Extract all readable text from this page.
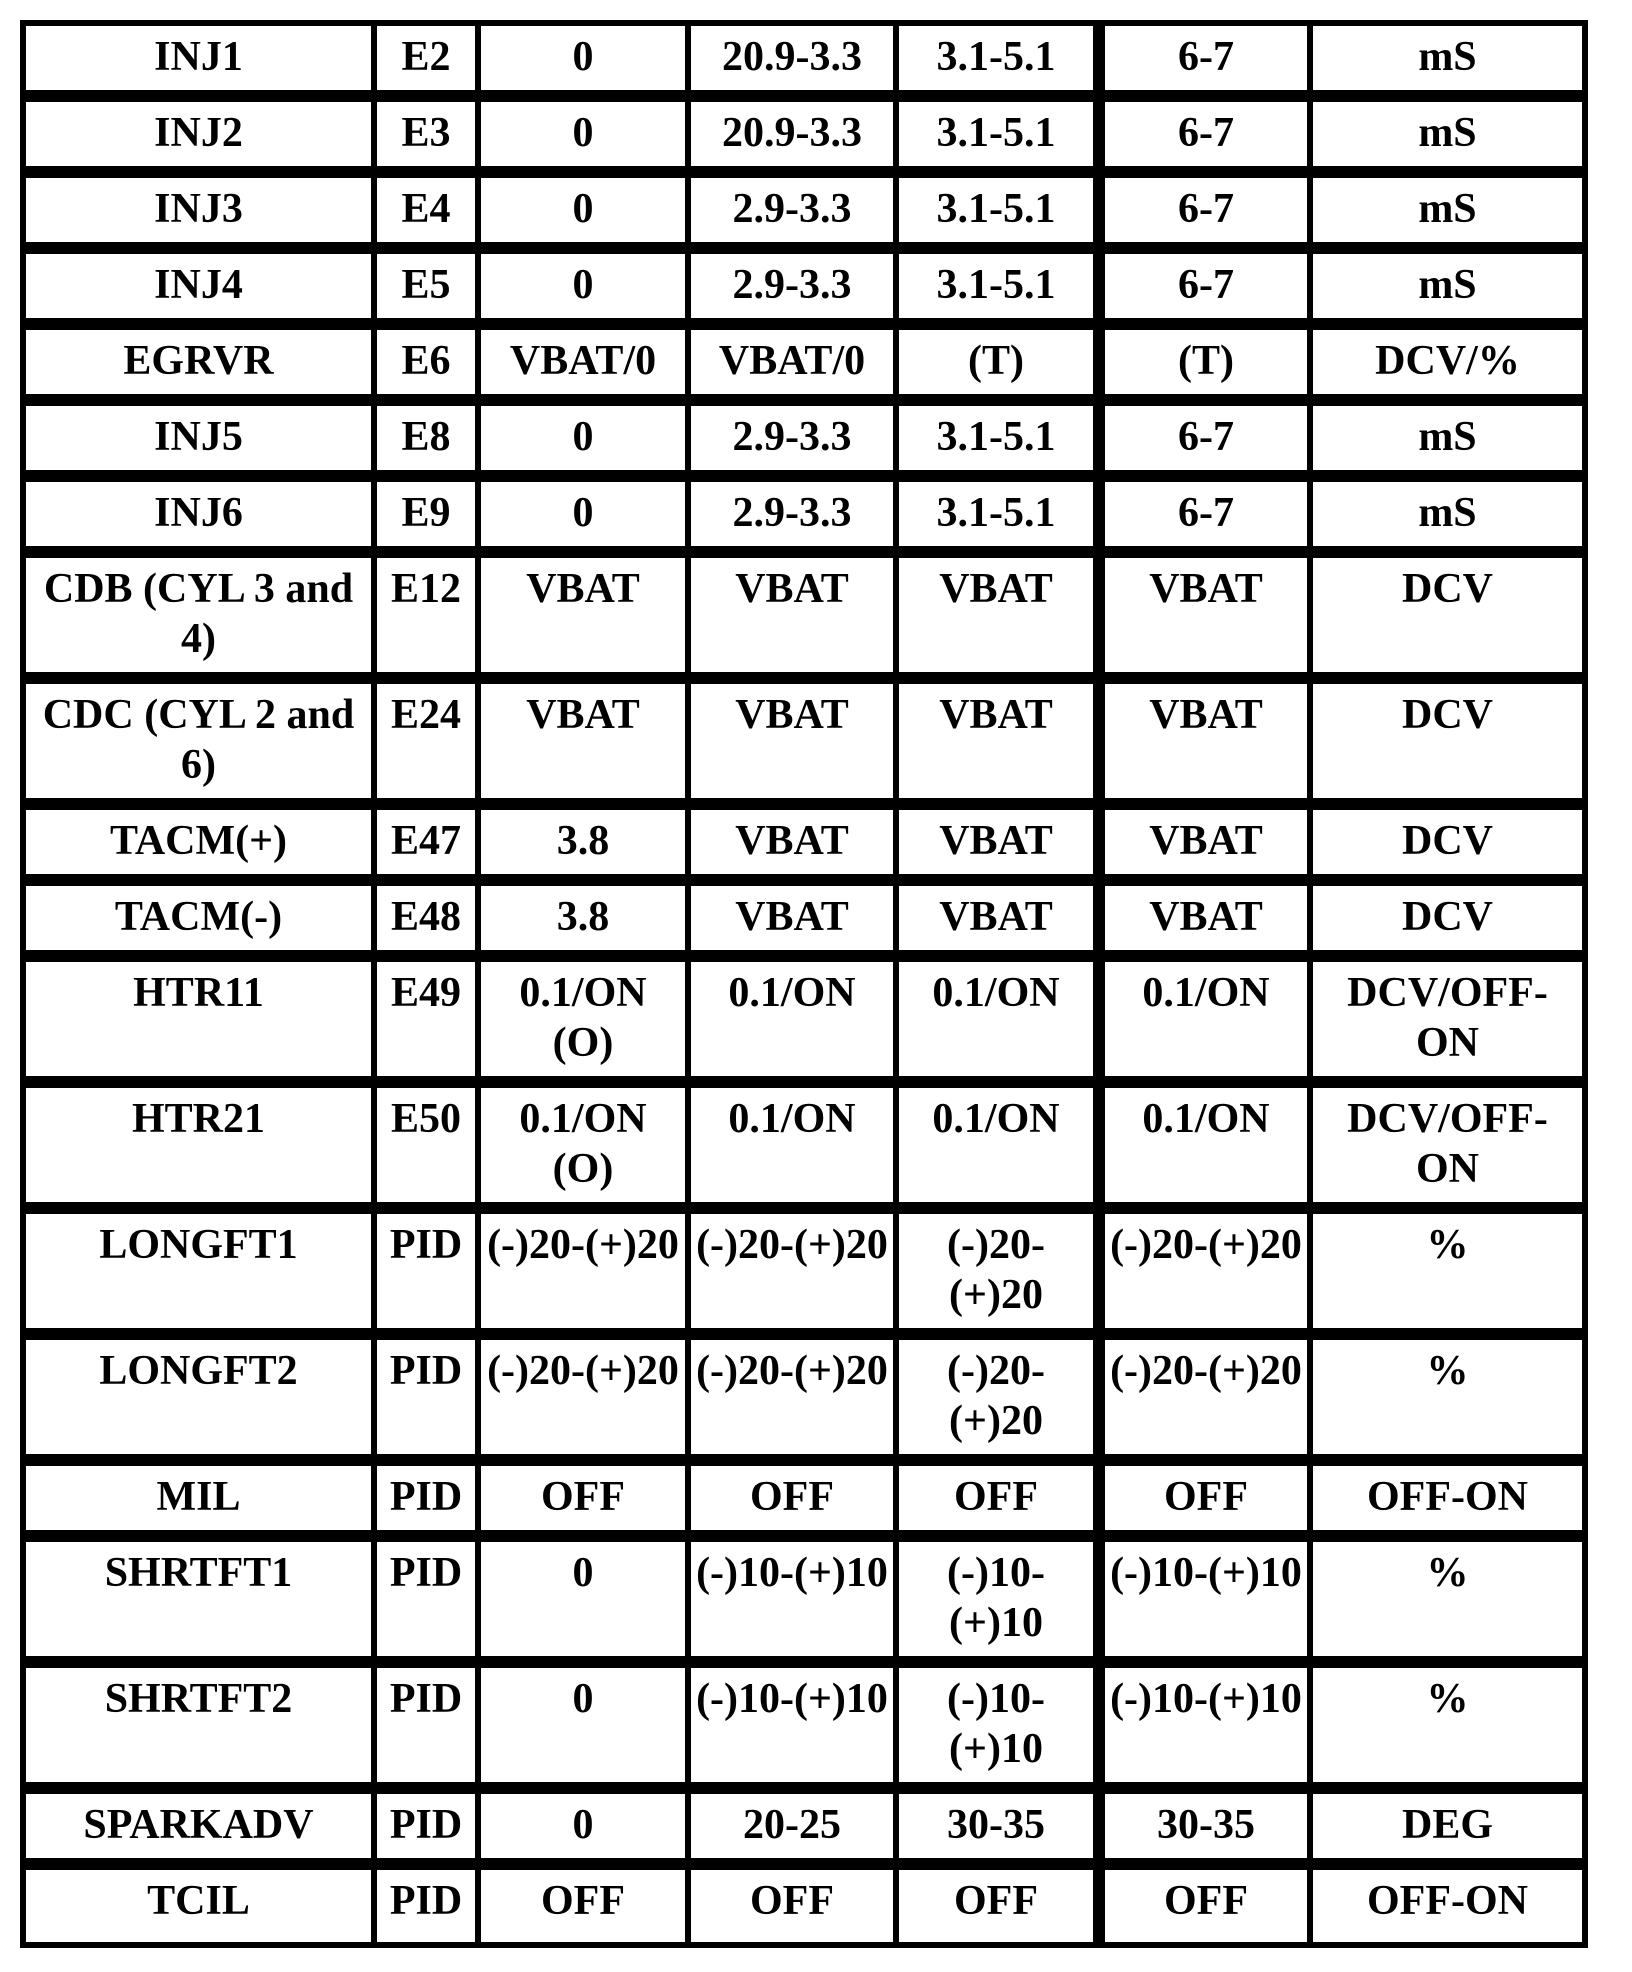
INJ1	E2	0	20.9-3.3	3.1-5.1	6-7	mS
INJ2	E3	0	20.9-3.3	3.1-5.1	6-7	mS
INJ3	E4	0	2.9-3.3	3.1-5.1	6-7	mS
INJ4	E5	0	2.9-3.3	3.1-5.1	6-7	mS
EGRVR	E6	VBAT/0	VBAT/0	(T)	(T)	DCV/%
INJ5	E8	0	2.9-3.3	3.1-5.1	6-7	mS
INJ6	E9	0	2.9-3.3	3.1-5.1	6-7	mS
CDB (CYL 3 and 4)	E12	VBAT	VBAT	VBAT	VBAT	DCV
CDC (CYL 2 and 6)	E24	VBAT	VBAT	VBAT	VBAT	DCV
TACM(+)	E47	3.8	VBAT	VBAT	VBAT	DCV
TACM(-)	E48	3.8	VBAT	VBAT	VBAT	DCV
HTR11	E49	0.1/ON (O)	0.1/ON	0.1/ON	0.1/ON	DCV/OFF-ON
HTR21	E50	0.1/ON (O)	0.1/ON	0.1/ON	0.1/ON	DCV/OFF-ON
LONGFT1	PID	(-)20-(+)20	(-)20-(+)20	(-)20-(+)20	(-)20-(+)20	%
LONGFT2	PID	(-)20-(+)20	(-)20-(+)20	(-)20-(+)20	(-)20-(+)20	%
MIL	PID	OFF	OFF	OFF	OFF	OFF-ON
SHRTFT1	PID	0	(-)10-(+)10	(-)10-(+)10	(-)10-(+)10	%
SHRTFT2	PID	0	(-)10-(+)10	(-)10-(+)10	(-)10-(+)10	%
SPARKADV	PID	0	20-25	30-35	30-35	DEG
TCIL	PID	OFF	OFF	OFF	OFF	OFF-ON
